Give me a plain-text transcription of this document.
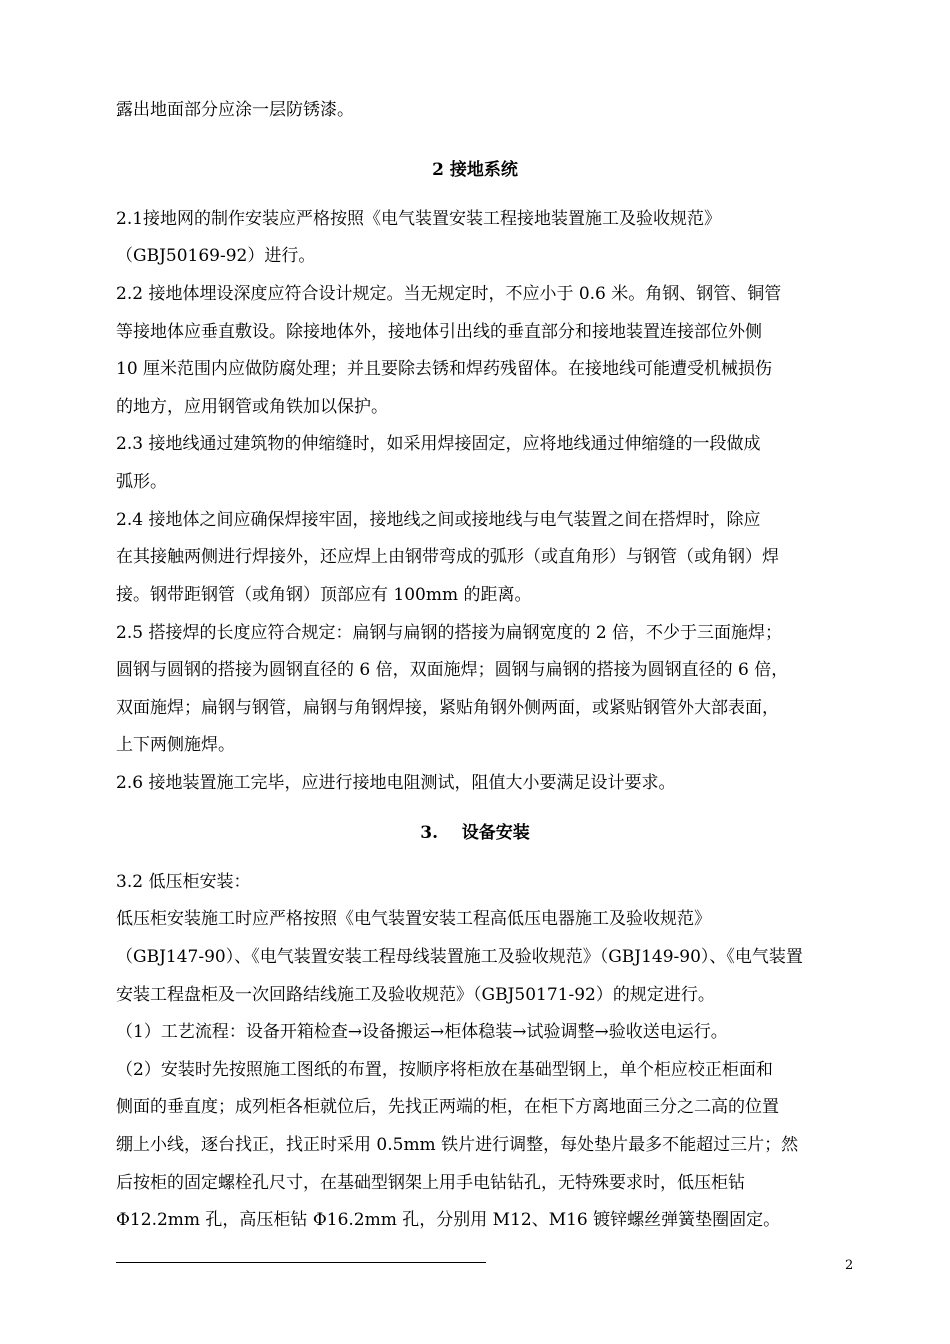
露出地面部分应涂一层防锈漆。
2 接地系统
2.1接地网的制作安装应严格按照《电气装置安装工程接地装置施工及验收规范》
（GBJ50169-92）进行。
2.2 接地体埋设深度应符合设计规定。当无规定时，不应小于 0.6 米。角钢、钢管、铜管
等接地体应垂直敷设。除接地体外，接地体引出线的垂直部分和接地装置连接部位外侧
10 厘米范围内应做防腐处理；并且要除去锈和焊药残留体。在接地线可能遭受机械损伤
的地方，应用钢管或角铁加以保护。
2.3 接地线通过建筑物的伸缩缝时，如采用焊接固定，应将地线通过伸缩缝的一段做成
弧形。
2.4 接地体之间应确保焊接牢固，接地线之间或接地线与电气装置之间在搭焊时，除应
在其接触两侧进行焊接外，还应焊上由钢带弯成的弧形（或直角形）与钢管（或角钢）焊
接。钢带距钢管（或角钢）顶部应有 100mm 的距离。
2.5 搭接焊的长度应符合规定：扁钢与扁钢的搭接为扁钢宽度的 2 倍，不少于三面施焊；
圆钢与圆钢的搭接为圆钢直径的 6 倍，双面施焊；圆钢与扁钢的搭接为圆钢直径的 6 倍，
双面施焊；扁钢与钢管，扁钢与角钢焊接，紧贴角钢外侧两面，或紧贴钢管外大部表面，
上下两侧施焊。
2.6 接地装置施工完毕，应进行接地电阻测试，阻值大小要满足设计要求。
3.    设备安装
3.2 低压柜安装：
低压柜安装施工时应严格按照《电气装置安装工程高低压电器施工及验收规范》
（GBJ147-90）、《电气装置安装工程母线装置施工及验收规范》（GBJ149-90）、《电气装置
安装工程盘柜及一次回路结线施工及验收规范》（GBJ50171-92）的规定进行。
（1）工艺流程：设备开箱检查→设备搬运→柜体稳装→试验调整→验收送电运行。
（2）安装时先按照施工图纸的布置，按顺序将柜放在基础型钢上，单个柜应校正柜面和
侧面的垂直度；成列柜各柜就位后，先找正两端的柜，在柜下方离地面三分之二高的位置
绷上小线，逐台找正，找正时采用 0.5mm 铁片进行调整，每处垫片最多不能超过三片；然
后按柜的固定螺栓孔尺寸，在基础型钢架上用手电钻钻孔，无特殊要求时，低压柜钻
Φ12.2mm 孔，高压柜钻 Φ16.2mm 孔，分别用 M12、M16 镀锌螺丝弹簧垫圈固定。
2
